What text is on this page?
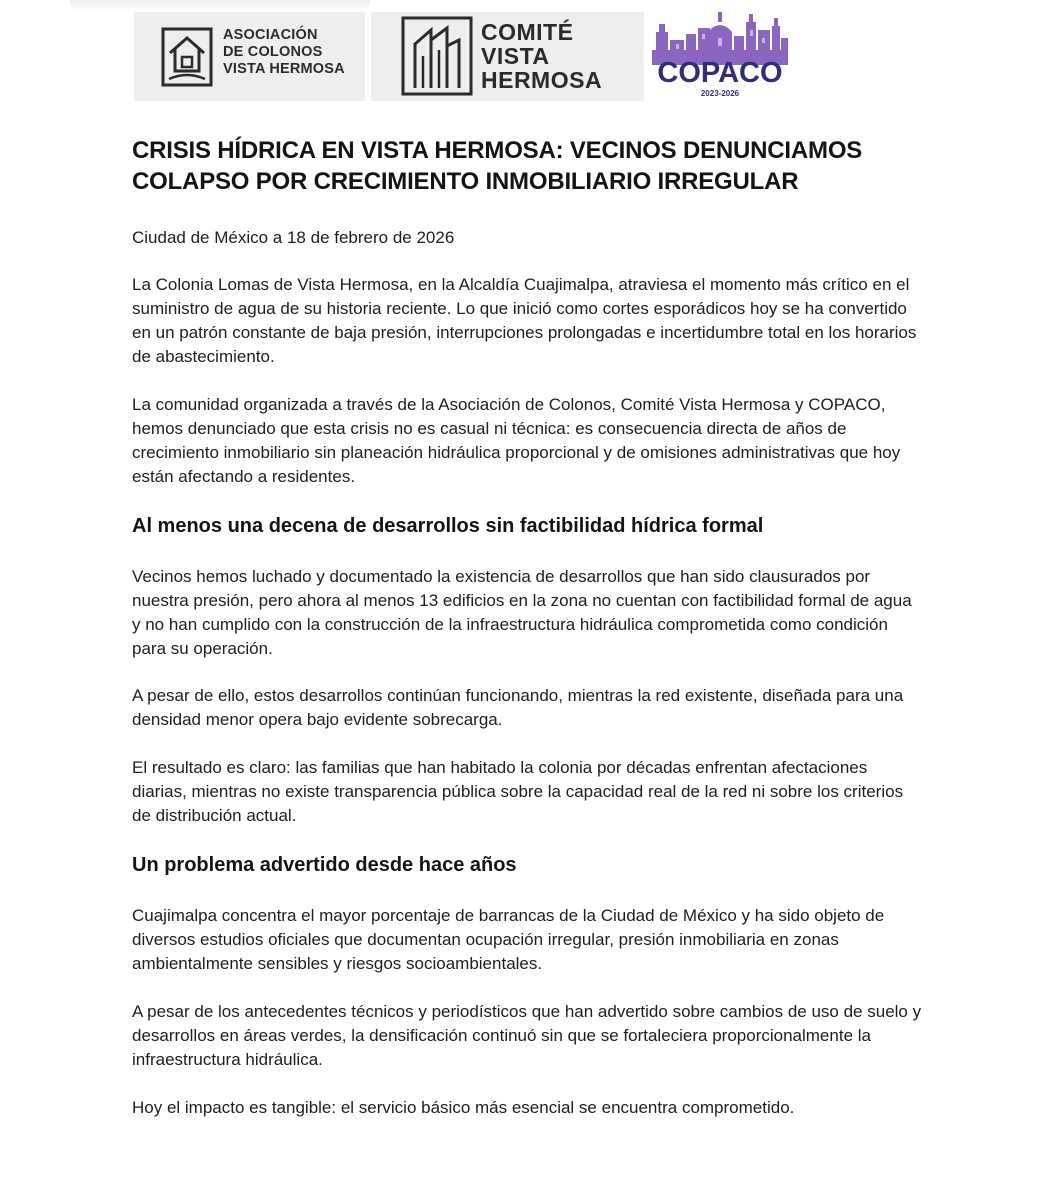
ASOCIACIÓN
DE COLONOS
VISTA HERMOSA
COMITÉ
VISTA
HERMOSA COPACO
2023-2026
CRISIS HÍDRICA EN VISTA HERMOSA: VECINOS DENUNCIAMOS
COLAPSO POR CRECIMIENTO INMOBILIARIO IRREGULAR

Ciudad de México a 18 de febrero de 2026

La Colonia Lomas de Vista Hermosa, en la Alcaldía Cuajimalpa, atraviesa el momento más crítico en el suministro de agua de su historia reciente. Lo que inició como cortes esporádicos hoy se ha convertido en un patrón constante de baja presión, interrupciones prolongadas e incertidumbre total en los horarios de abastecimiento.

La comunidad organizada a través de la Asociación de Colonos, Comité Vista Hermosa y COPACO, hemos denunciado que esta crisis no es casual ni técnica: es consecuencia directa de años de crecimiento inmobiliario sin planeación hidráulica proporcional y de omisiones administrativas que hoy están afectando a residentes.

Al menos una decena de desarrollos sin factibilidad hídrica formal

Vecinos hemos luchado y documentado la existencia de desarrollos que han sido clausurados por nuestra presión, pero ahora al menos 13 edificios en la zona no cuentan con factibilidad formal de agua y no han cumplido con la construcción de la infraestructura hidráulica comprometida como condición para su operación.

A pesar de ello, estos desarrollos continúan funcionando, mientras la red existente, diseñada para una densidad menor opera bajo evidente sobrecarga.

El resultado es claro: las familias que han habitado la colonia por décadas enfrentan afectaciones diarias, mientras no existe transparencia pública sobre la capacidad real de la red ni sobre los criterios de distribución actual.

Un problema advertido desde hace años

Cuajimalpa concentra el mayor porcentaje de barrancas de la Ciudad de México y ha sido objeto de diversos estudios oficiales que documentan ocupación irregular, presión inmobiliaria en zonas ambientalmente sensibles y riesgos socioambientales.

A pesar de los antecedentes técnicos y periodísticos que han advertido sobre cambios de uso de suelo y desarrollos en áreas verdes, la densificación continuó sin que se fortaleciera proporcionalmente la infraestructura hidráulica.

Hoy el impacto es tangible: el servicio básico más esencial se encuentra comprometido.
